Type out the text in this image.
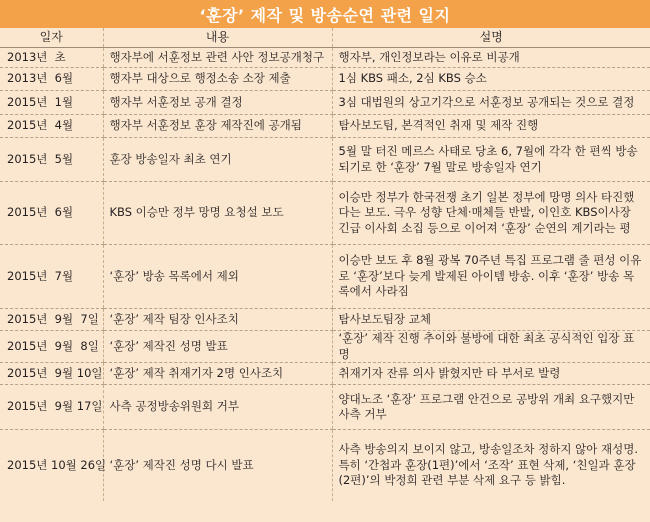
‘훈장’ 제작 및 방송순연 관련 일지
일자	내용	설명
2013년  초	행자부에 서훈정보 관련 사안 정보공개청구	행자부, 개인정보라는 이유로 비공개
2013년  6월	행자부 대상으로 행정소송 소장 제출	1심 KBS 패소, 2심 KBS 승소
2015년  1월	행자부 서훈정보 공개 결정	3심 대법원의 상고기각으로 서훈정보 공개되는 것으로 결정
2015년  4월	행자부 서훈정보 훈장 제작진에 공개됨	탐사보도팀, 본격적인 취재 및 제작 진행
2015년  5월	훈장 방송일자 최초 연기	5월 말 터진 메르스 사태로 당초 6, 7월에 각각 한 편씩 방송되기로 한 ‘훈장’ 7월 말로 방송일자 연기
2015년  6월	KBS 이승만 정부 망명 요청설 보도	이승만 정부가 한국전쟁 초기 일본 정부에 망명 의사 타진했다는 보도. 극우 성향 단체·매체들 반발, 이인호 KBS이사장 긴급 이사회 소집 등으로 이어져 ‘훈장’ 순연의 계기라는 평
2015년  7월	‘훈장’ 방송 목록에서 제외	이승만 보도 후 8월 광복 70주년 특집 프로그램 줄 편성 이유로 ‘훈장’보다 늦게 발제된 아이템 방송. 이후 ‘훈장’ 방송 목록에서 사라짐
2015년  9월  7일	‘훈장’ 제작 팀장 인사조치	탐사보도팀장 교체
2015년  9월  8일	‘훈장’ 제작진 성명 발표	‘훈장’ 제작 진행 추이와 불방에 대한 최초 공식적인 입장 표명
2015년  9월 10일	‘훈장’ 제작 취재기자 2명 인사조치	취재기자 잔류 의사 밝혔지만 타 부서로 발령
2015년  9월 17일	사측 공정방송위원회 거부	양대노조 ‘훈장’ 프로그램 안건으로 공방위 개최 요구했지만 사측 거부
2015년 10월 26일	‘훈장’ 제작진 성명 다시 발표	사측 방송의지 보이지 않고, 방송일조차 정하지 않아 재성명. 특히 ‘간첩과 훈장(1편)’에서 ‘조작’ 표현 삭제, ‘친일과 훈장(2편)’의 박정희 관련 부분 삭제 요구 등 밝힘.
